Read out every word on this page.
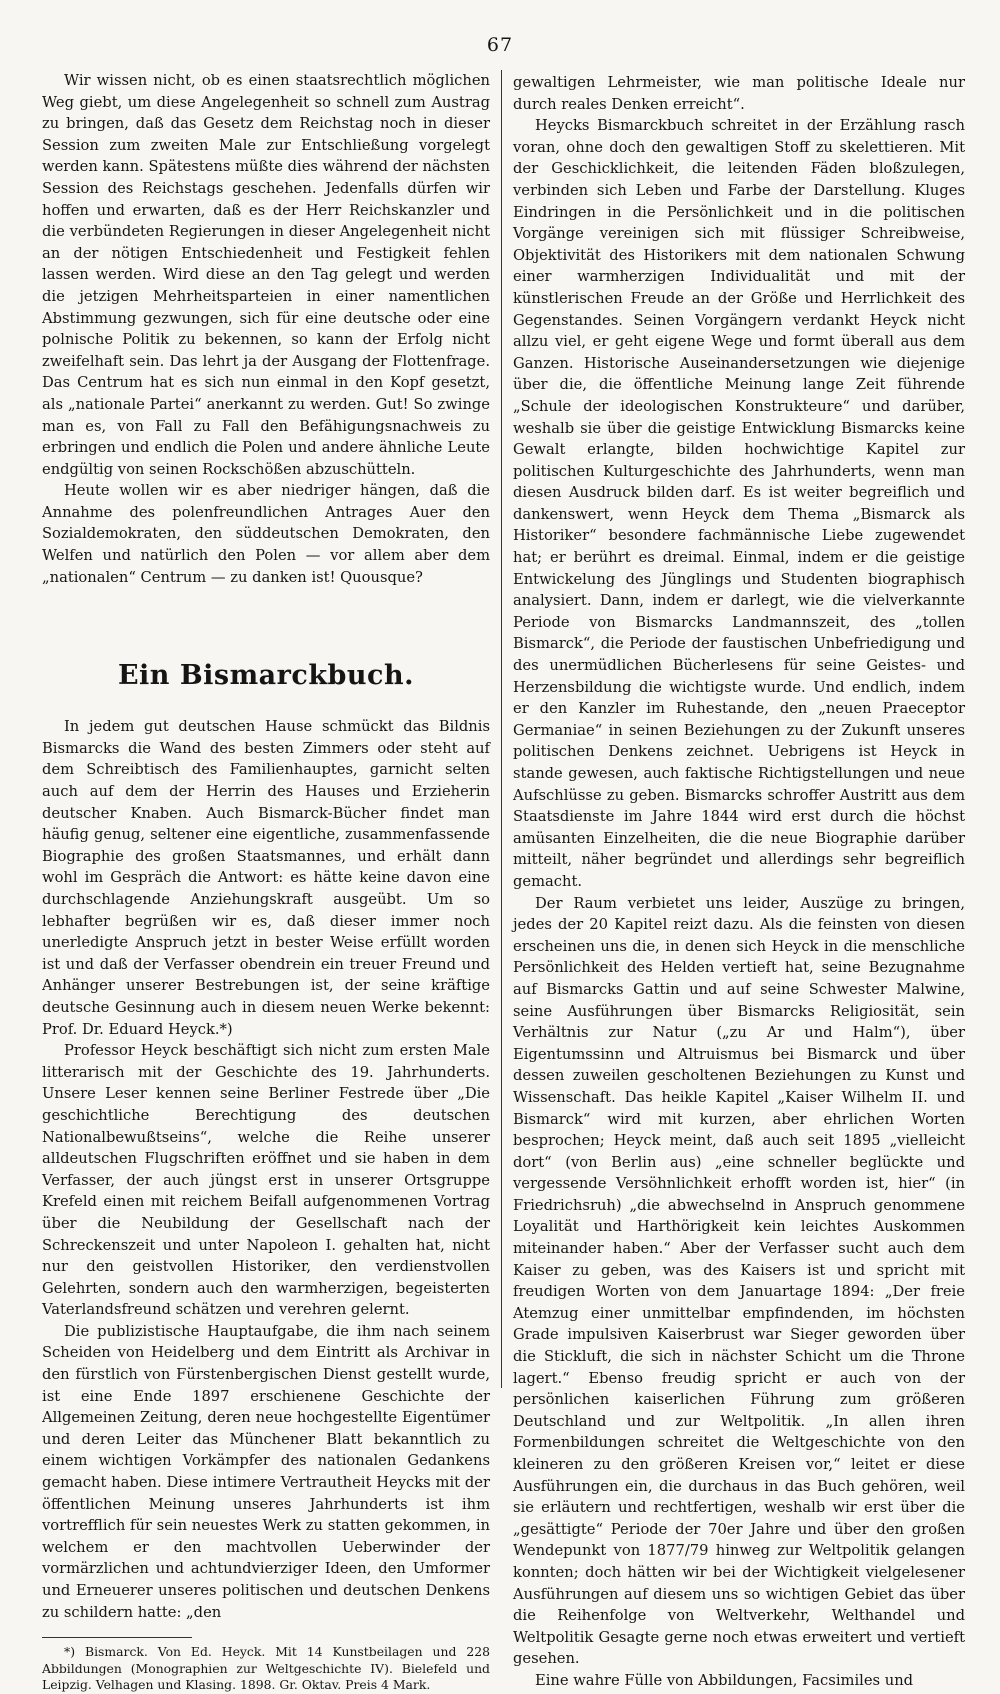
67

Wir wissen nicht, ob es einen staatsrechtlich möglichen Weg giebt, um diese Angelegenheit so schnell zum Austrag zu bringen, daß das Gesetz dem Reichstag noch in dieser Session zum zweiten Male zur Entschließung vorgelegt werden kann. Spätestens müßte dies während der nächsten Session des Reichstags geschehen. Jedenfalls dürfen wir hoffen und erwarten, daß es der Herr Reichskanzler und die verbündeten Regierungen in dieser Angelegenheit nicht an der nötigen Entschiedenheit und Festigkeit fehlen lassen werden. Wird diese an den Tag gelegt und werden die jetzigen Mehrheitsparteien in einer namentlichen Abstimmung gezwungen, sich für eine deutsche oder eine polnische Politik zu bekennen, so kann der Erfolg nicht zweifelhaft sein. Das lehrt ja der Ausgang der Flottenfrage. Das Centrum hat es sich nun einmal in den Kopf gesetzt, als „nationale Partei“ anerkannt zu werden. Gut! So zwinge man es, von Fall zu Fall den Befähigungsnachweis zu erbringen und endlich die Polen und andere ähnliche Leute endgültig von seinen Rockschößen abzuschütteln.

Heute wollen wir es aber niedriger hängen, daß die Annahme des polenfreundlichen Antrages Auer den Sozialdemokraten, den süddeutschen Demokraten, den Welfen und natürlich den Polen — vor allem aber dem „nationalen“ Centrum — zu danken ist! Quousque?

Ein Bismarckbuch.

In jedem gut deutschen Hause schmückt das Bildnis Bismarcks die Wand des besten Zimmers oder steht auf dem Schreibtisch des Familienhauptes, garnicht selten auch auf dem der Herrin des Hauses und Erzieherin deutscher Knaben. Auch Bismarck-Bücher findet man häufig genug, seltener eine eigentliche, zusammenfassende Biographie des großen Staatsmannes, und erhält dann wohl im Gespräch die Antwort: es hätte keine davon eine durchschlagende Anziehungskraft ausgeübt. Um so lebhafter begrüßen wir es, daß dieser immer noch unerledigte Anspruch jetzt in bester Weise erfüllt worden ist und daß der Verfasser obendrein ein treuer Freund und Anhänger unserer Bestrebungen ist, der seine kräftige deutsche Gesinnung auch in diesem neuen Werke bekennt: Prof. Dr. Eduard Heyck.*)

Professor Heyck beschäftigt sich nicht zum ersten Male litterarisch mit der Geschichte des 19. Jahrhunderts. Unsere Leser kennen seine Berliner Festrede über „Die geschichtliche Berechtigung des deutschen Nationalbewußtseins“, welche die Reihe unserer alldeutschen Flugschriften eröffnet und sie haben in dem Verfasser, der auch jüngst erst in unserer Ortsgruppe Krefeld einen mit reichem Beifall aufgenommenen Vortrag über die Neubildung der Gesellschaft nach der Schreckenszeit und unter Napoleon I. gehalten hat, nicht nur den geistvollen Historiker, den verdienstvollen Gelehrten, sondern auch den warmherzigen, begeisterten Vaterlandsfreund schätzen und verehren gelernt.

Die publizistische Hauptaufgabe, die ihm nach seinem Scheiden von Heidelberg und dem Eintritt als Archivar in den fürstlich von Fürstenbergischen Dienst gestellt wurde, ist eine Ende 1897 erschienene Geschichte der Allgemeinen Zeitung, deren neue hochgestellte Eigentümer und deren Leiter das Münchener Blatt bekanntlich zu einem wichtigen Vorkämpfer des nationalen Gedankens gemacht haben. Diese intimere Vertrautheit Heycks mit der öffentlichen Meinung unseres Jahrhunderts ist ihm vortrefflich für sein neuestes Werk zu statten gekommen, in welchem er den machtvollen Ueberwinder der vormärzlichen und achtundvierziger Ideen, den Umformer und Erneuerer unseres politischen und deutschen Denkens zu schildern hatte: „den

*) Bismarck. Von Ed. Heyck. Mit 14 Kunstbeilagen und 228 Abbildungen (Monographien zur Weltgeschichte IV). Bielefeld und Leipzig. Velhagen und Klasing. 1898. Gr. Oktav. Preis 4 Mark.

gewaltigen Lehrmeister, wie man politische Ideale nur durch reales Denken erreicht“.

Heycks Bismarckbuch schreitet in der Erzählung rasch voran, ohne doch den gewaltigen Stoff zu skelettieren. Mit der Geschicklichkeit, die leitenden Fäden bloßzulegen, verbinden sich Leben und Farbe der Darstellung. Kluges Eindringen in die Persönlichkeit und in die politischen Vorgänge vereinigen sich mit flüssiger Schreibweise, Objektivität des Historikers mit dem nationalen Schwung einer warmherzigen Individualität und mit der künstlerischen Freude an der Größe und Herrlichkeit des Gegenstandes. Seinen Vorgängern verdankt Heyck nicht allzu viel, er geht eigene Wege und formt überall aus dem Ganzen. Historische Auseinandersetzungen wie diejenige über die, die öffentliche Meinung lange Zeit führende „Schule der ideologischen Konstrukteure“ und darüber, weshalb sie über die geistige Entwicklung Bismarcks keine Gewalt erlangte, bilden hochwichtige Kapitel zur politischen Kulturgeschichte des Jahrhunderts, wenn man diesen Ausdruck bilden darf. Es ist weiter begreiflich und dankenswert, wenn Heyck dem Thema „Bismarck als Historiker“ besondere fachmännische Liebe zugewendet hat; er berührt es dreimal. Einmal, indem er die geistige Entwickelung des Jünglings und Studenten biographisch analysiert. Dann, indem er darlegt, wie die vielverkannte Periode von Bismarcks Landmannszeit, des „tollen Bismarck“, die Periode der faustischen Unbefriedigung und des unermüdlichen Bücherlesens für seine Geistes- und Herzensbildung die wichtigste wurde. Und endlich, indem er den Kanzler im Ruhestande, den „neuen Praeceptor Germaniae“ in seinen Beziehungen zu der Zukunft unseres politischen Denkens zeichnet. Uebrigens ist Heyck in stande gewesen, auch faktische Richtigstellungen und neue Aufschlüsse zu geben. Bismarcks schroffer Austritt aus dem Staatsdienste im Jahre 1844 wird erst durch die höchst amüsanten Einzelheiten, die die neue Biographie darüber mitteilt, näher begründet und allerdings sehr begreiflich gemacht.

Der Raum verbietet uns leider, Auszüge zu bringen, jedes der 20 Kapitel reizt dazu. Als die feinsten von diesen erscheinen uns die, in denen sich Heyck in die menschliche Persönlichkeit des Helden vertieft hat, seine Bezugnahme auf Bismarcks Gattin und auf seine Schwester Malwine, seine Ausführungen über Bismarcks Religiosität, sein Verhältnis zur Natur („zu Ar und Halm“), über Eigentumssinn und Altruismus bei Bismarck und über dessen zuweilen gescholtenen Beziehungen zu Kunst und Wissenschaft. Das heikle Kapitel „Kaiser Wilhelm II. und Bismarck“ wird mit kurzen, aber ehrlichen Worten besprochen; Heyck meint, daß auch seit 1895 „vielleicht dort“ (von Berlin aus) „eine schneller beglückte und vergessende Versöhnlichkeit erhofft worden ist, hier“ (in Friedrichsruh) „die abwechselnd in Anspruch genommene Loyalität und Harthörigkeit kein leichtes Auskommen miteinander haben.“ Aber der Verfasser sucht auch dem Kaiser zu geben, was des Kaisers ist und spricht mit freudigen Worten von dem Januartage 1894: „Der freie Atemzug einer unmittelbar empfindenden, im höchsten Grade impulsiven Kaiserbrust war Sieger geworden über die Stickluft, die sich in nächster Schicht um die Throne lagert.“ Ebenso freudig spricht er auch von der persönlichen kaiserlichen Führung zum größeren Deutschland und zur Weltpolitik. „In allen ihren Formenbildungen schreitet die Weltgeschichte von den kleineren zu den größeren Kreisen vor,“ leitet er diese Ausführungen ein, die durchaus in das Buch gehören, weil sie erläutern und rechtfertigen, weshalb wir erst über die „gesättigte“ Periode der 70er Jahre und über den großen Wendepunkt von 1877/79 hinweg zur Weltpolitik gelangen konnten; doch hätten wir bei der Wichtigkeit vielgelesener Ausführungen auf diesem uns so wichtigen Gebiet das über die Reihenfolge von Weltverkehr, Welthandel und Weltpolitik Gesagte gerne noch etwas erweitert und vertieft gesehen.

Eine wahre Fülle von Abbildungen, Facsimiles und
